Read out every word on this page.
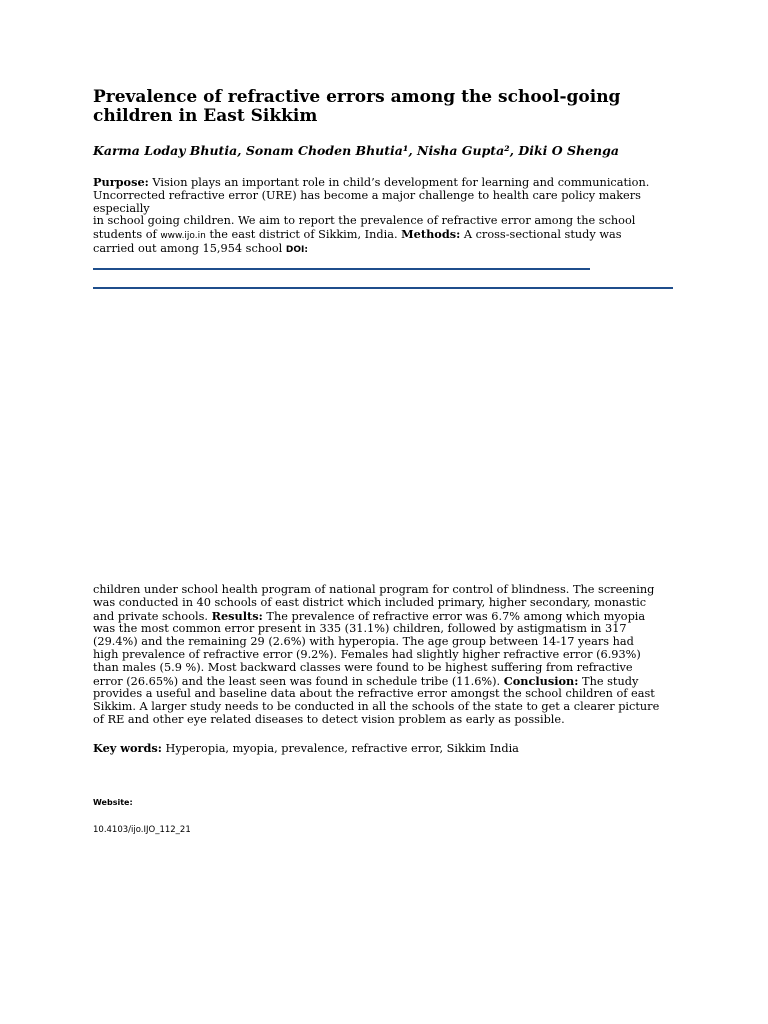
Prevalence of refractive errors among the school-going children in East Sikkim

Karma Loday Bhutia, Sonam Choden Bhutia¹, Nisha Gupta², Diki O Shenga

Purpose: Vision plays an important role in child’s development for learning and communication.
Uncorrected refractive error (URE) has become a major challenge to health care policy makers
especially
in school going children. We aim to report the prevalence of refractive error among the school
students of www.ijo.in the east district of Sikkim, India. Methods: A cross-sectional study was
carried out among 15,954 school DOI:

children under school health program of national program for control of blindness. The screening
was conducted in 40 schools of east district which included primary, higher secondary, monastic
and private schools. Results: The prevalence of refractive error was 6.7% among which myopia
was the most common error present in 335 (31.1%) children, followed by astigmatism in 317
(29.4%) and the remaining 29 (2.6%) with hyperopia. The age group between 14-17 years had
high prevalence of refractive error (9.2%). Females had slightly higher refractive error (6.93%)
than males (5.9 %). Most backward classes were found to be highest suffering from refractive
error (26.65%) and the least seen was found in schedule tribe (11.6%). Conclusion: The study
provides a useful and baseline data about the refractive error amongst the school children of east
Sikkim. A larger study needs to be conducted in all the schools of the state to get a clearer picture
of RE and other eye related diseases to detect vision problem as early as possible.

Key words: Hyperopia, myopia, prevalence, refractive error, Sikkim India

Website:

10.4103/ijo.IJO_112_21
